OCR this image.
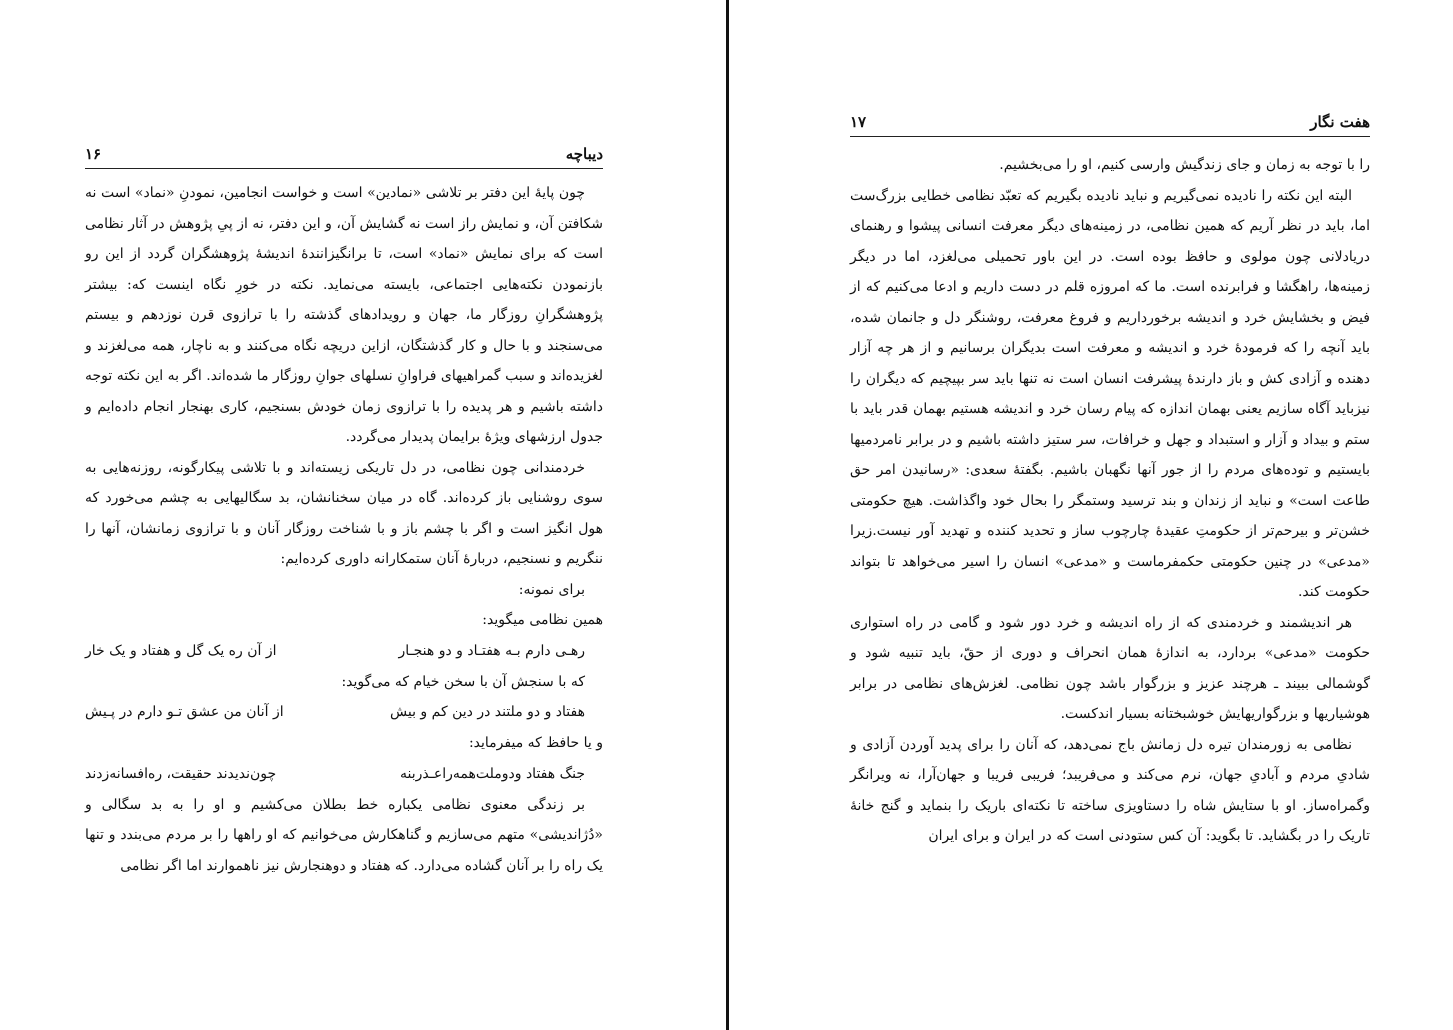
دیباچه
۱۶

چون پایهٔ این دفتر بر تلاشی «نمادین» است و خواست انجامین، نمودنِ «نماد» است نه شکافتن آن، و نمایش راز است نه گشایش آن، و این دفتر، نه از پیِ پژوهش در آثار نظامی است که برای نمایش «نماد» است، تا برانگیزانندهٔ اندیشهٔ پژوهشگران گردد از این رو بازنمودن نکته‌هایی اجتماعی، بایسته می‌نماید. نکته در خورِ نگاه اینست که: بیشتر پژوهشگرانِ روزگار ما، جهان و رویدادهای گذشته را با ترازوی قرن نوزدهم و بیستم می‌سنجند و با حال و کار گذشتگان، ازاین دریچه نگاه می‌کنند و به ناچار، همه می‌لغزند و لغزیده‌اند و سبب گمراهیهای فراوانِ نسلهای جوانِ روزگار ما شده‌اند. اگر به این نکته توجه داشته باشیم و هر پدیده را با ترازوی زمان خودش بسنجیم، کاری بهنجار انجام داده‌ایم و جدول ارزشهای ویژهٔ برایمان پدیدار می‌گردد.

خردمندانی چون نظامی، در دل تاریکی زیسته‌اند و با تلاشی پیکارگونه، روزنه‌هایی به سوی روشنایی باز کرده‌اند. گاه در میان سخنانشان، بد سگالیهایی به چشم می‌خورد که هول انگیز است و اگر با چشم باز و با شناخت روزگار آنان و با ترازوی زمانشان، آنها را ننگریم و نسنجیم، دربارهٔ آنان ستمکارانه داوری کرده‌ایم:

برای نمونه:

همین نظامی میگوید:

رهـی دارم بـه هفتـاد و دو هنجـار
از آن ره یک گل و هفتاد و یک خار

که با سنجش آن با سخن خیام که می‌گوید:

هفتاد و دو ملتند در دین کم و بیش
از آنان من عشق تـو دارم در پـیش

و یا حافظ که میفرماید:

جنگ هفتاد ودوملت‌همه‌راعـذربنه
چون‌ندیدند حقیقت، ره‌افسانه‌زدند

بر زندگی معنوی نظامی یکباره خط بطلان می‌کشیم و او را به بد سگالی و «دُژاندیشی» متهم می‌سازیم و گناهکارش می‌خوانیم که او راهها را بر مردم می‌بندد و تنها یک راه را بر آنان گشاده می‌دارد. که هفتاد و دوهنجارش نیز ناهموارند اما اگر نظامی

هفت نگار
۱۷

را با توجه به زمان و جای زندگیش وارسی کنیم، او را می‌بخشیم.

البته این نکته را نادیده نمی‌گیریم و نباید نادیده بگیریم که تعبّد نظامی خطایی بزرگ‌ست اما، باید در نظر آریم که همین نظامی، در زمینه‌های دیگر معرفت انسانی پیشوا و رهنمای دریادلانی چون مولوی و حافظ بوده است. در این باور تحمیلی می‌لغزد، اما در دیگر زمینه‌ها، راهگشا و فرابرنده است. ما که امروزه قلم در دست داریم و ادعا می‌کنیم که از فیض و بخشایش خرد و اندیشه برخورداریم و فروغ معرفت، روشنگر دل و جانمان شده، باید آنچه را که فرمودهٔ خرد و اندیشه و معرفت است بدیگران برسانیم و از هر چه آزار دهنده و آزادی کش و باز دارندهٔ پیشرفت انسان است نه تنها باید سر بپیچیم که دیگران را نیزباید آگاه سازیم یعنی بهمان اندازه که پیام رسان خرد و اندیشه هستیم بهمان قدر باید با ستم و بیداد و آزار و استبداد و جهل و خرافات، سر ستیز داشته باشیم و در برابر نامردمیها بایستیم و توده‌های مردم را از جور آنها نگهبان باشیم. بگفتهٔ سعدی: «رسانیدن امر حق طاعت است» و نباید از زندان و بند ترسید وستمگر را بحال خود واگذاشت. هیچ حکومتی خشن‌تر و بیرحم‌تر از حکومتِ عقیدهٔ چارچوب ساز و تحدید کننده و تهدید آور نیست.زیرا «مدعی» در چنین حکومتی حکمفرماست و «مدعی» انسان را اسیر می‌خواهد تا بتواند حکومت کند.

هر اندیشمند و خردمندی که از راه اندیشه و خرد دور شود و گامی در راه استواری حکومت «مدعی» بردارد، به اندازهٔ همان انحراف و دوری از حقّ، باید تنبیه شود و گوشمالی ببیند ـ هرچند عزیز و بزرگوار باشد چون نظامی. لغزش‌های نظامی در برابر هوشیاریها و بزرگواریهایش خوشبختانه بسیار اندکست.

نظامی به زورمندان تیره دل زمانش باج نمی‌دهد، که آنان را برای پدید آوردن آزادی و شادیِ مردم و آبادیِ جهان، نرم می‌کند و می‌فریبد؛ فریبی فریبا و جهان‌آرا، نه ویرانگر وگمراه‌ساز. او با ستایش شاه را دستاویزی ساخته تا نکته‌ای باریک را بنماید و گنج خانهٔ تاریک را در بگشاید. تا بگوید: آن کس ستودنی است که در ایران و برای ایران
